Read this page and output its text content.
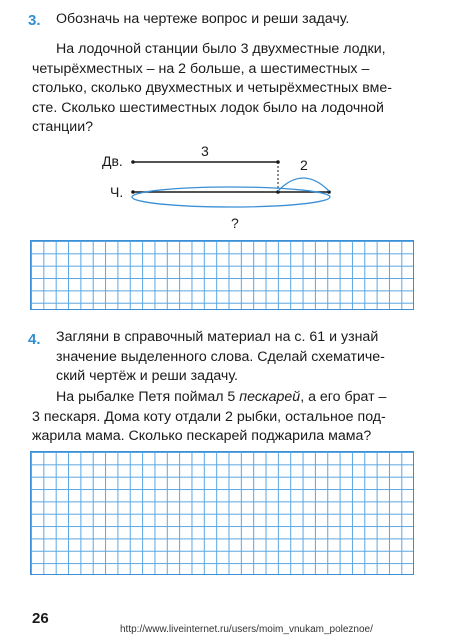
3. Обозначь на чертеже вопрос и реши задачу.
На лодочной станции было 3 двухместные лодки,
четырёхместных – на 2 больше, а шестиместных –
столько, сколько двухместных и четырёхместных вме-
сте. Сколько шестиместных лодок было на лодочной
станции?
Дв.
Ч.
3
2
?
4. Загляни в справочный материал на с. 61 и узнай
значение выделенного слова. Сделай схематиче-
ский чертёж и реши задачу.
На рыбалке Петя поймал 5 пескарей, а его брат –
3 пескаря. Дома коту отдали 2 рыбки, остальное под-
жарила мама. Сколько пескарей поджарила мама?
26
http://www.liveinternet.ru/users/moim_vnukam_poleznoe/
